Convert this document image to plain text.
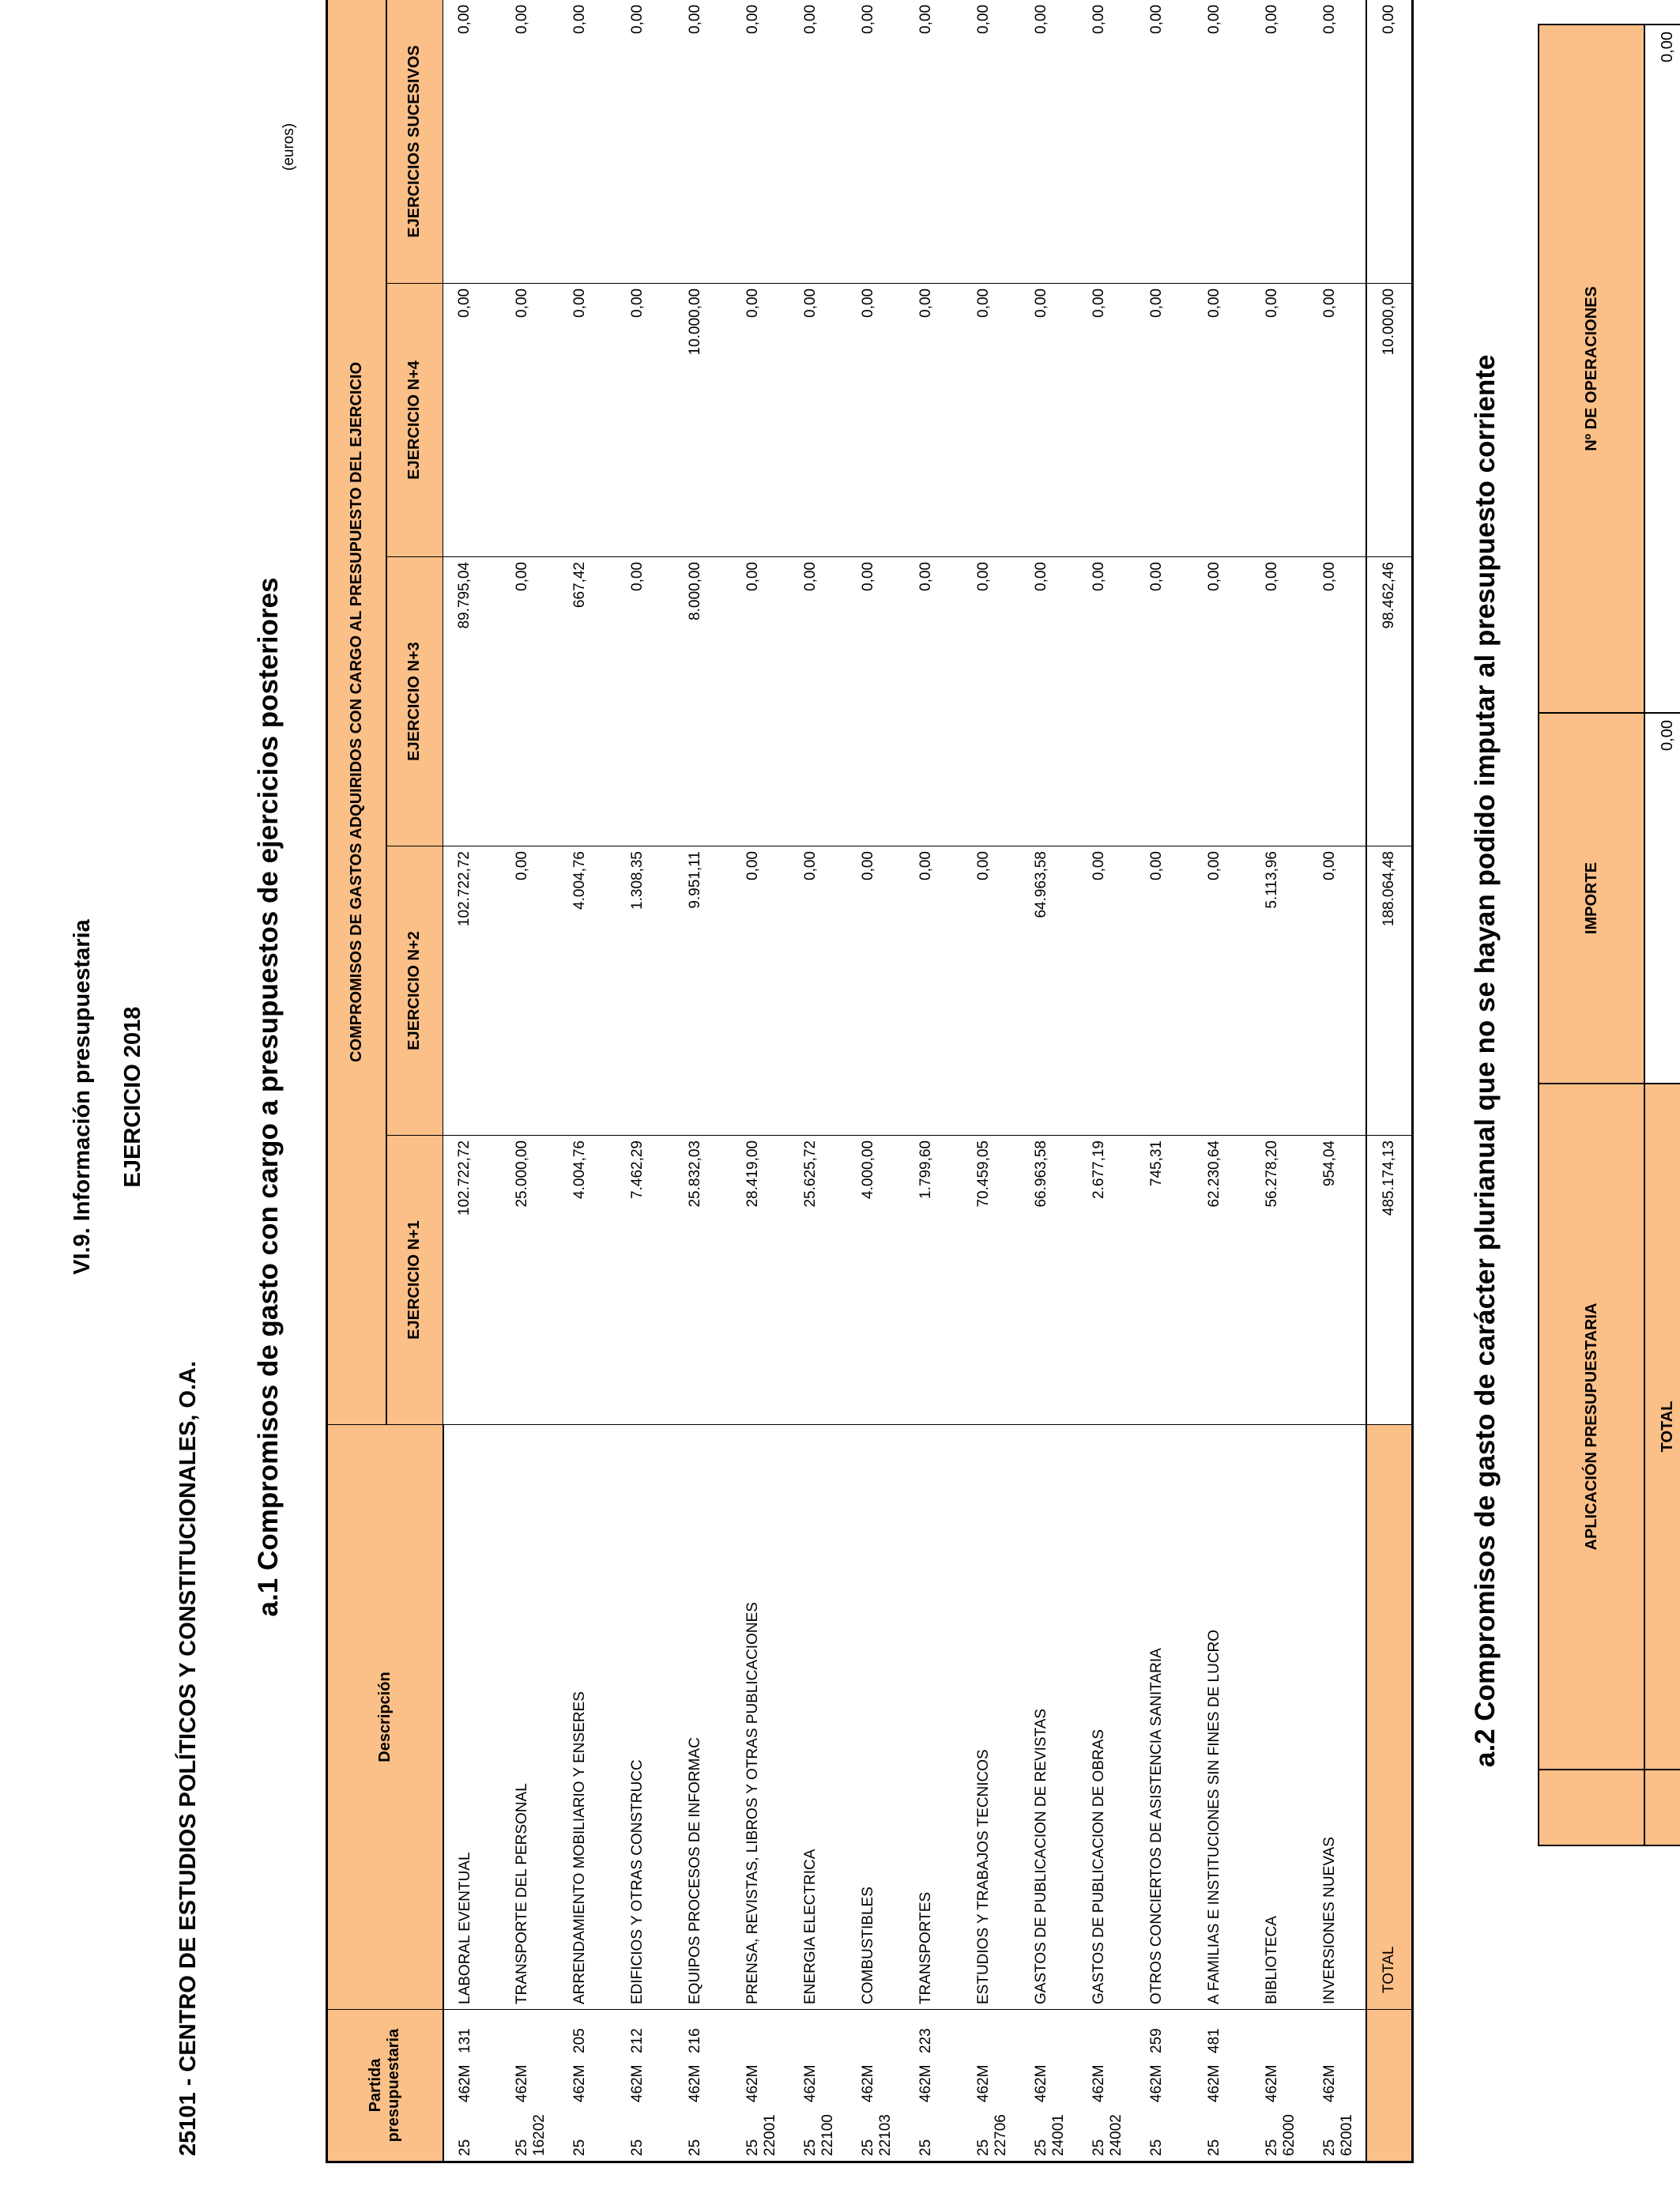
VI.9. Información presupuestaria EJERCICIO 2018
25101 - CENTRO DE ESTUDIOS POLÍTICOS Y CONSTITUCIONALES, O.A.
a.1 Compromisos de gasto con cargo a presupuestos de ejercicios posteriores
(euros)
Partida presupuestaria	Descripción	COMPROMISOS DE GASTOS ADQUIRIDOS CON CARGO AL PRESUPUESTO DEL EJERCICIO				
		EJERCICIO N+1	EJERCICIO N+2	EJERCICIO N+3	EJERCICIO N+4	EJERCICIOS SUCESIVOS
25462M131	LABORAL EVENTUAL	102.722,72	102.722,72	89.795,04	0,00	0,00
25462M16202	TRANSPORTE DEL PERSONAL	25.000,00	0,00	0,00	0,00	0,00
25462M205	ARRENDAMIENTO MOBILIARIO Y ENSERES	4.004,76	4.004,76	667,42	0,00	0,00
25462M212	EDIFICIOS Y OTRAS CONSTRUCC	7.462,29	1.308,35	0,00	0,00	0,00
25462M216	EQUIPOS PROCESOS DE INFORMAC	25.832,03	9.951,11	8.000,00	10.000,00	0,00
25462M22001	PRENSA, REVISTAS, LIBROS Y OTRAS PUBLICACIONES	28.419,00	0,00	0,00	0,00	0,00
25462M22100	ENERGIA ELECTRICA	25.625,72	0,00	0,00	0,00	0,00
25462M22103	COMBUSTIBLES	4.000,00	0,00	0,00	0,00	0,00
25462M223	TRANSPORTES	1.799,60	0,00	0,00	0,00	0,00
25462M22706	ESTUDIOS Y TRABAJOS TECNICOS	70.459,05	0,00	0,00	0,00	0,00
25462M24001	GASTOS DE PUBLICACION DE REVISTAS	66.963,58	64.963,58	0,00	0,00	0,00
25462M24002	GASTOS DE PUBLICACION DE OBRAS	2.677,19	0,00	0,00	0,00	0,00
25462M259	OTROS CONCIERTOS DE ASISTENCIA SANITARIA	745,31	0,00	0,00	0,00	0,00
25462M481	A FAMILIAS E INSTITUCIONES SIN FINES DE LUCRO	62.230,64	0,00	0,00	0,00	0,00
25462M62000	BIBLIOTECA	56.278,20	5.113,96	0,00	0,00	0,00
25462M62001	INVERSIONES NUEVAS	954,04	0,00	0,00	0,00	0,00
	TOTAL	485.174,13	188.064,48	98.462,46	10.000,00	0,00
a.2 Compromisos de gasto de carácter plurianual que no se hayan podido imputar al presupuesto corriente
		APLICACIÓN PRESUPUESTARIA	IMPORTE	Nº DE OPERACIONES
	TOTAL	0,00	0,00
